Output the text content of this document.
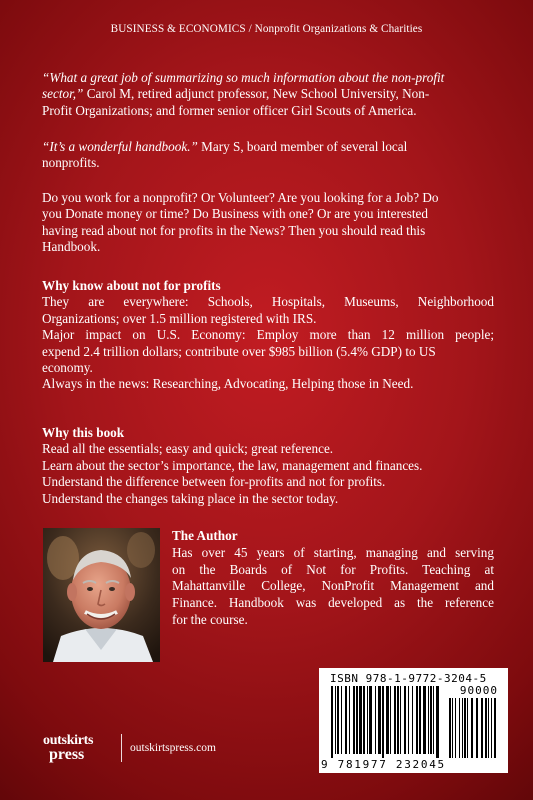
BUSINESS & ECONOMICS / Nonprofit Organizations & Charities
“What a great job of summarizing so much information about the non-profit
sector,” Carol M, retired adjunct professor, New School University, Non-
Profit Organizations; and former senior officer Girl Scouts of America.
“It’s a wonderful handbook.” Mary S, board member of several local
nonprofits.
Do you work for a nonprofit? Or Volunteer? Are you looking for a Job? Do
you Donate money or time? Do Business with one? Or are you interested
having read about not for profits in the News? Then you should read this
Handbook.
Why know about not for profits
They are everywhere: Schools, Hospitals, Museums, Neighborhood
Organizations; over 1.5 million registered with IRS.
Major impact on U.S. Economy: Employ more than 12 million people;
expend 2.4 trillion dollars; contribute over $985 billion (5.4% GDP) to US
economy.
Always in the news: Researching, Advocating, Helping those in Need.
Why this book
Read all the essentials; easy and quick; great reference.
Learn about the sector’s importance, the law, management and finances.
Understand the difference between for-profits and not for profits.
Understand the changes taking place in the sector today.
The Author
Has over 45 years of starting, managing and serving
on the Boards of Not for Profits. Teaching at
Mahattanville College, NonProfit Management and
Finance. Handbook was developed as the reference
for the course.
ISBN 978-1-9772-3204-5
90000
9 781977 232045
outskirts
press	outskirtspress.com
